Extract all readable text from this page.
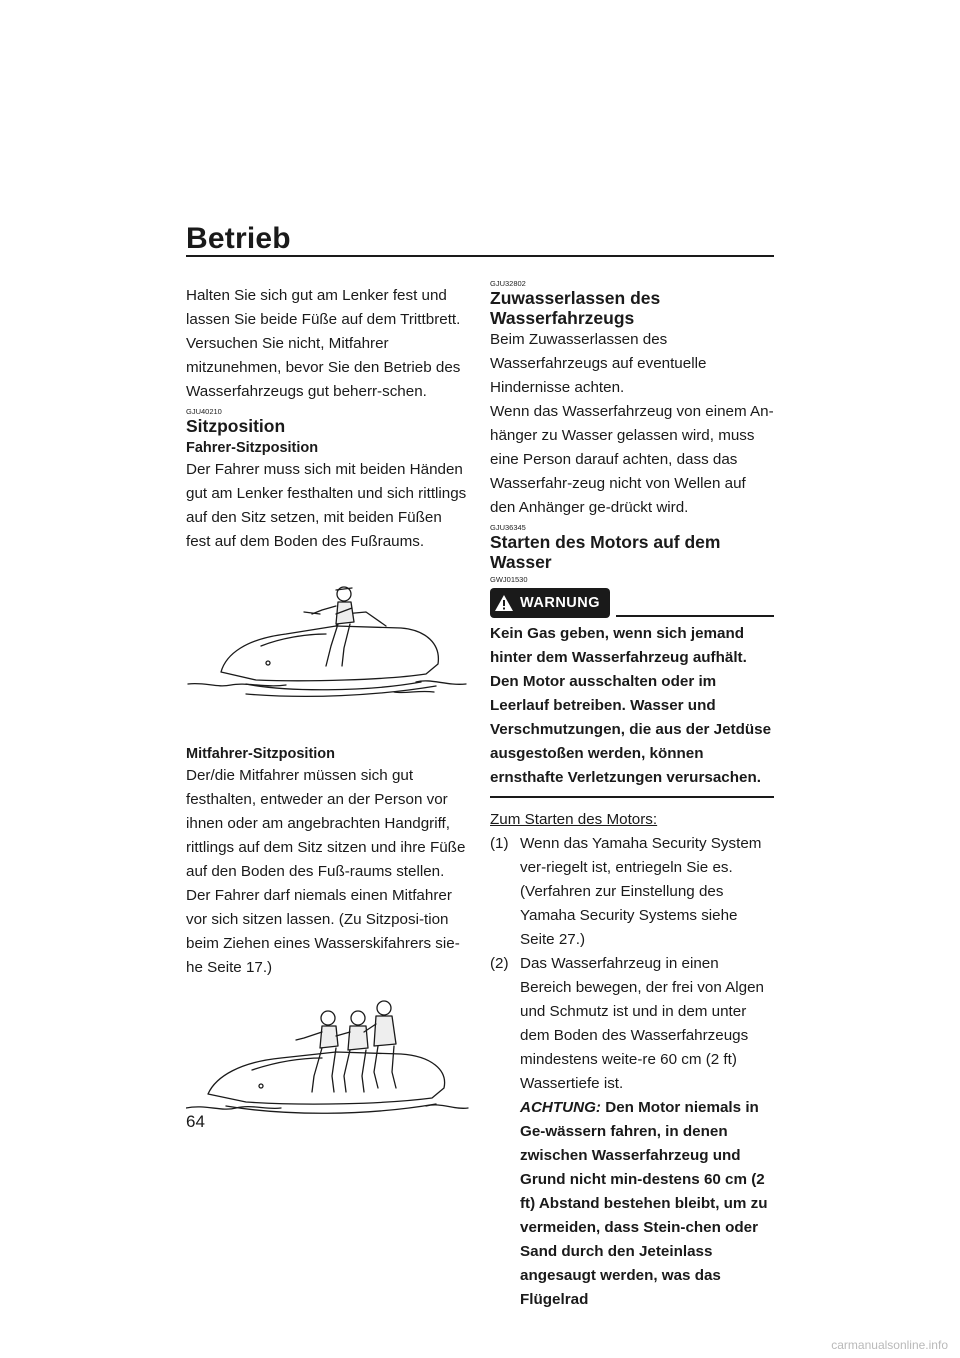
Betrieb

Halten Sie sich gut am Lenker fest und lassen Sie beide Füße auf dem Trittbrett. Versuchen Sie nicht, Mitfahrer mitzunehmen, bevor Sie den Betrieb des Wasserfahrzeugs gut beherr-schen.

GJU40210
Sitzposition
Fahrer-Sitzposition

Der Fahrer muss sich mit beiden Händen gut am Lenker festhalten und sich rittlings auf den Sitz setzen, mit beiden Füßen fest auf dem Boden des Fußraums.

Mitfahrer-Sitzposition

Der/die Mitfahrer müssen sich gut festhalten, entweder an der Person vor ihnen oder am angebrachten Handgriff, rittlings auf dem Sitz sitzen und ihre Füße auf den Boden des Fuß-raums stellen. Der Fahrer darf niemals einen Mitfahrer vor sich sitzen lassen. (Zu Sitzposi-tion beim Ziehen eines Wasserskifahrers sie-he Seite 17.)

GJU32802
Zuwasserlassen des
Wasserfahrzeugs

Beim Zuwasserlassen des Wasserfahrzeugs auf eventuelle Hindernisse achten.

Wenn das Wasserfahrzeug von einem An-hänger zu Wasser gelassen wird, muss eine Person darauf achten, dass das Wasserfahr-zeug nicht von Wellen auf den Anhänger ge-drückt wird.

GJU36345
Starten des Motors auf dem Wasser
GWJ01530
WARNUNG

Kein Gas geben, wenn sich jemand hinter dem Wasserfahrzeug aufhält. Den Motor ausschalten oder im Leerlauf betreiben. Wasser und Verschmutzungen, die aus der Jetdüse ausgestoßen werden, können ernsthafte Verletzungen verursachen.

Zum Starten des Motors:

(1) Wenn das Yamaha Security System ver-riegelt ist, entriegeln Sie es. (Verfahren zur Einstellung des Yamaha Security Systems siehe Seite 27.)
(2) Das Wasserfahrzeug in einen Bereich bewegen, der frei von Algen und Schmutz ist und in dem unter dem Boden des Wasserfahrzeugs mindestens weite-re 60 cm (2 ft) Wassertiefe ist.
ACHTUNG: Den Motor niemals in Ge-wässern fahren, in denen zwischen Wasserfahrzeug und Grund nicht min-destens 60 cm (2 ft) Abstand bestehen bleibt, um zu vermeiden, dass Stein-chen oder Sand durch den Jeteinlass angesaugt werden, was das Flügelrad
64
carmanualsonline.info
